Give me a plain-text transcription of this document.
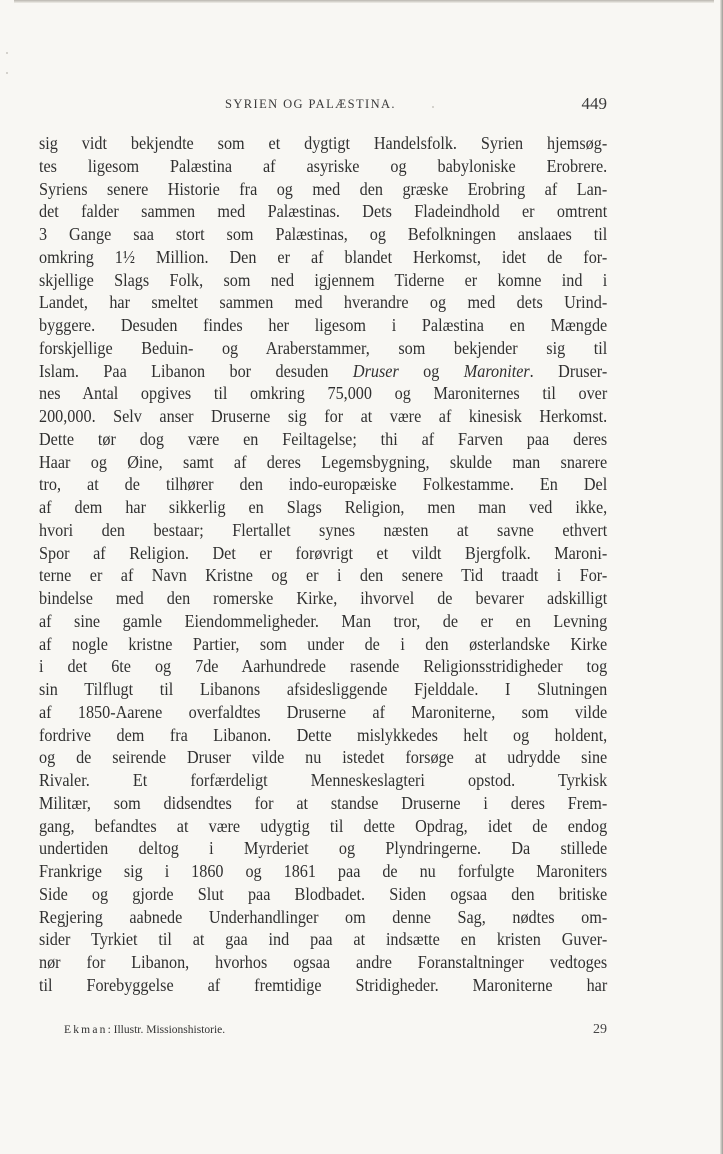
SYRIEN OG PALÆSTINA.	449
sig vidt bekjendte som et dygtigt Handelsfolk. Syrien hjemsøg-
tes ligesom Palæstina af asyriske og babyloniske Erobrere.
Syriens senere Historie fra og med den græske Erobring af Lan-
det falder sammen med Palæstinas. Dets Fladeindhold er omtrent
3 Gange saa stort som Palæstinas, og Befolkningen anslaaes til
omkring 1½ Million. Den er af blandet Herkomst, idet de for-
skjellige Slags Folk, som ned igjennem Tiderne er komne ind i
Landet, har smeltet sammen med hverandre og med dets Urind-
byggere. Desuden findes her ligesom i Palæstina en Mængde
forskjellige Beduin- og Araberstammer, som bekjender sig til
Islam. Paa Libanon bor desuden Druser og Maroniter. Druser-
nes Antal opgives til omkring 75,000 og Maroniternes til over
200,000. Selv anser Druserne sig for at være af kinesisk Herkomst.
Dette tør dog være en Feiltagelse; thi af Farven paa deres
Haar og Øine, samt af deres Legemsbygning, skulde man snarere
tro, at de tilhører den indo-europæiske Folkestamme. En Del
af dem har sikkerlig en Slags Religion, men man ved ikke,
hvori den bestaar; Flertallet synes næsten at savne ethvert
Spor af Religion. Det er forøvrigt et vildt Bjergfolk. Maroni-
terne er af Navn Kristne og er i den senere Tid traadt i For-
bindelse med den romerske Kirke, ihvorvel de bevarer adskilligt
af sine gamle Eiendommeligheder. Man tror, de er en Levning
af nogle kristne Partier, som under de i den østerlandske Kirke
i det 6te og 7de Aarhundrede rasende Religionsstridigheder tog
sin Tilflugt til Libanons afsidesliggende Fjelddale. I Slutningen
af 1850-Aarene overfaldtes Druserne af Maroniterne, som vilde
fordrive dem fra Libanon. Dette mislykkedes helt og holdent,
og de seirende Druser vilde nu istedet forsøge at udrydde sine
Rivaler. Et forfærdeligt Menneskeslagteri opstod. Tyrkisk
Militær, som didsendtes for at standse Druserne i deres Frem-
gang, befandtes at være udygtig til dette Opdrag, idet de endog
undertiden deltog i Myrderiet og Plyndringerne. Da stillede
Frankrige sig i 1860 og 1861 paa de nu forfulgte Maroniters
Side og gjorde Slut paa Blodbadet. Siden ogsaa den britiske
Regjering aabnede Underhandlinger om denne Sag, nødtes om-
sider Tyrkiet til at gaa ind paa at indsætte en kristen Guver-
nør for Libanon, hvorhos ogsaa andre Foranstaltninger vedtoges
til Forebyggelse af fremtidige Stridigheder. Maroniterne har
Ekman: Illustr. Missionshistorie.	29
